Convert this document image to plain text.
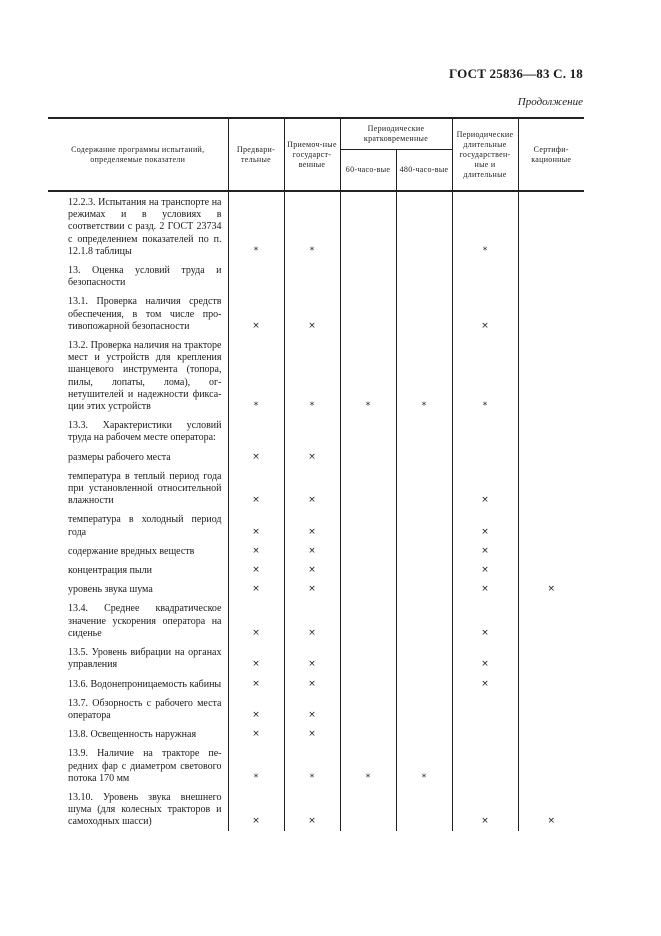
ГОСТ 25836—83 С. 18
Продолжение
Содержание программы испытаний, определяемые показатели	Предвари-тельные	Приемоч-ные государст-венные	Периодические кратковременные		Периодические длительные государствен-ные и длительные	Сертифи-кационные
			60-часо-вые	480-часо-вые		

12.2.3. Испытания на транспорте на режимах и в условиях в соответствии с разд. 2 ГОСТ 23734 с определением показателей по п. 12.1.8 таблицы	*	*			*	

13. Оценка условий труда и безопасности						

13.1. Проверка наличия средств обеспечения, в том числе противопожарной безопасности	×	×			×	

13.2. Проверка наличия на тракторе мест и устройств для крепления шанцевого инструмента (топора, пилы, лопаты, лома), огнетушителей и надежности фиксации этих устройств	*	*	*	*	*	

13.3. Характеристики условий труда на рабочем месте оператора:						

размеры рабочего места	×	×				

температура в теплый период года при установленной относительной влажности	×	×			×	

температура в холодный период года	×	×			×	

содержание вредных веществ	×	×			×	

концентрация пыли	×	×			×	

уровень звука шума	×	×			×	×

13.4. Среднее квадратическое значение ускорения оператора на сиденье	×	×			×	

13.5. Уровень вибрации на органах управления	×	×			×	

13.6. Водонепроницаемость кабины	×	×			×	

13.7. Обзорность с рабочего места оператора	×	×				

13.8. Освещенность наружная	×	×				

13.9. Наличие на тракторе передних фар с диаметром светового потока 170 мм	*	*	*	*		

13.10. Уровень звука внешнего шума (для колесных тракторов и самоходных шасси)	×	×			×	×
